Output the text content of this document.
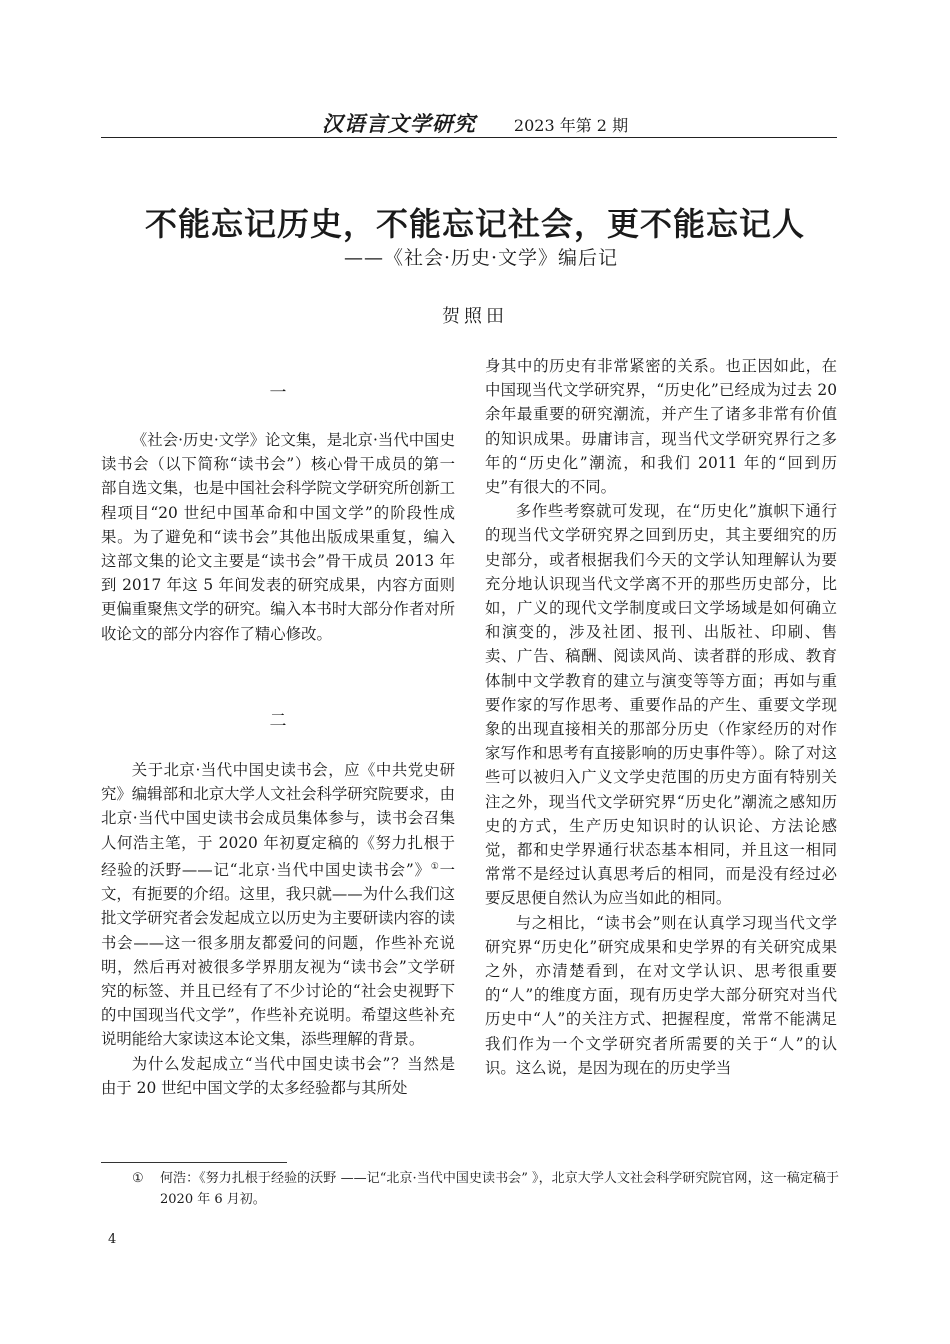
汉语言文学研究 2023 年第 2 期
不能忘记历史，不能忘记社会，更不能忘记人
——《社会·历史·文学》编后记
贺照田
一

《社会·历史·文学》论文集，是北京·当代中国史读书会（以下简称“读书会”）核心骨干成员的第一部自选文集，也是中国社会科学院文学研究所创新工程项目“20 世纪中国革命和中国文学”的阶段性成果。为了避免和“读书会”其他出版成果重复，编入这部文集的论文主要是“读书会”骨干成员 2013 年到 2017 年这 5 年间发表的研究成果，内容方面则更偏重聚焦文学的研究。编入本书时大部分作者对所收论文的部分内容作了精心修改。

二

关于北京·当代中国史读书会，应《中共党史研究》编辑部和北京大学人文社会科学研究院要求，由北京·当代中国史读书会成员集体参与，读书会召集人何浩主笔，于 2020 年初夏定稿的《努力扎根于经验的沃野——记“北京·当代中国史读书会”》①一文，有扼要的介绍。这里，我只就——为什么我们这批文学研究者会发起成立以历史为主要研读内容的读书会——这一很多朋友都爱问的问题，作些补充说明，然后再对被很多学界朋友视为“读书会”文学研究的标签、并且已经有了不少讨论的“社会史视野下的中国现当代文学”，作些补充说明。希望这些补充说明能给大家读这本论文集，添些理解的背景。

为什么发起成立“当代中国史读书会”？当然是由于 20 世纪中国文学的太多经验都与其所处

身其中的历史有非常紧密的关系。也正因如此，在中国现当代文学研究界，“历史化”已经成为过去 20 余年最重要的研究潮流，并产生了诸多非常有价值的知识成果。毋庸讳言，现当代文学研究界行之多年的“历史化”潮流，和我们 2011 年的“回到历史”有很大的不同。

多作些考察就可发现，在“历史化”旗帜下通行的现当代文学研究界之回到历史，其主要细究的历史部分，或者根据我们今天的文学认知理解认为要充分地认识现当代文学离不开的那些历史部分，比如，广义的现代文学制度或曰文学场域是如何确立和演变的，涉及社团、报刊、出版社、印刷、售卖、广告、稿酬、阅读风尚、读者群的形成、教育体制中文学教育的建立与演变等等方面；再如与重要作家的写作思考、重要作品的产生、重要文学现象的出现直接相关的那部分历史（作家经历的对作家写作和思考有直接影响的历史事件等）。除了对这些可以被归入广义文学史范围的历史方面有特别关注之外，现当代文学研究界“历史化”潮流之感知历史的方式，生产历史知识时的认识论、方法论感觉，都和史学界通行状态基本相同，并且这一相同常常不是经过认真思考后的相同，而是没有经过必要反思便自然认为应当如此的相同。

与之相比，“读书会”则在认真学习现当代文学研究界“历史化”研究成果和史学界的有关研究成果之外，亦清楚看到，在对文学认识、思考很重要的“人”的维度方面，现有历史学大部分研究对当代历史中“人”的关注方式、把握程度，常常不能满足我们作为一个文学研究者所需要的关于“人”的认识。这么说，是因为现在的历史学当

① 何浩：《努力扎根于经验的沃野 ——记“北京·当代中国史读书会” 》，北京大学人文社会科学研究院官网，这一稿定稿于 2020 年 6 月初。
4
